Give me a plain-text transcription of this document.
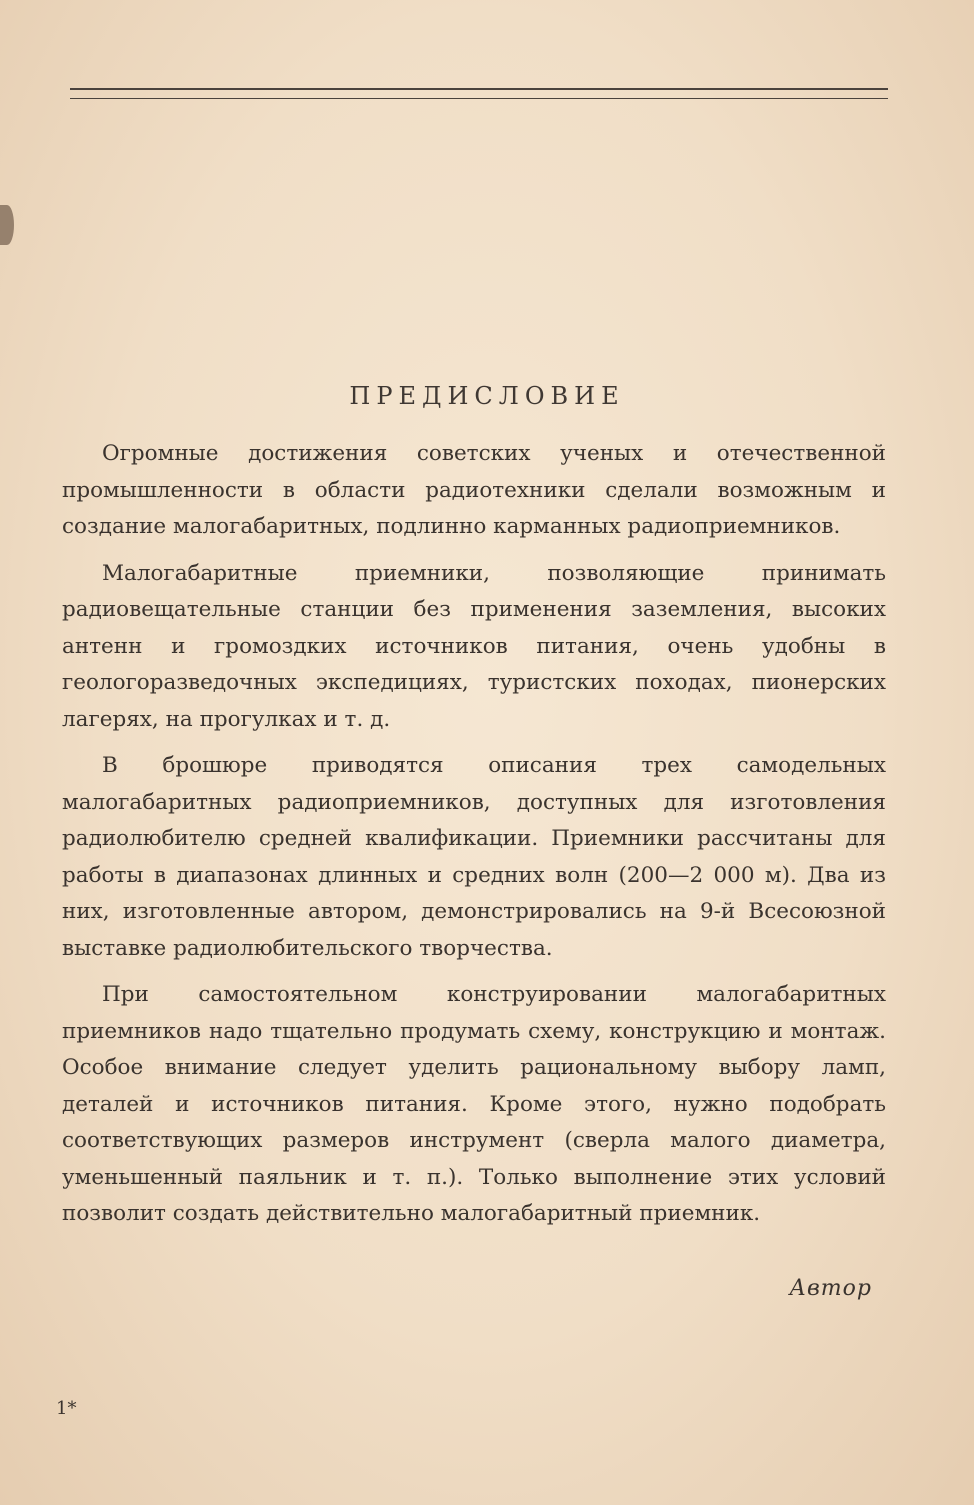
ПРЕДИСЛОВИЕ

Огромные достижения советских ученых и отечественной промышленности в области радиотехники сделали возможным и создание малогабаритных, подлинно карманных радиоприемников.

Малогабаритные приемники, позволяющие принимать радиовещательные станции без применения заземления, высоких антенн и громоздких источников питания, очень удобны в геологоразведочных экспедициях, туристских походах, пионерских лагерях, на прогулках и т. д.

В брошюре приводятся описания трех самодельных малогабаритных радиоприемников, доступных для изготовления радиолюбителю средней квалификации. Приемники рассчитаны для работы в диапазонах длинных и средних волн (200—2 000 м). Два из них, изготовленные автором, демонстрировались на 9-й Всесоюзной выставке радиолюбительского творчества.

При самостоятельном конструировании малогабаритных приемников надо тщательно продумать схему, конструкцию и монтаж. Особое внимание следует уделить рациональному выбору ламп, деталей и источников питания. Кроме этого, нужно подобрать соответствующих размеров инструмент (сверла малого диаметра, уменьшенный паяльник и т. п.). Только выполнение этих условий позволит создать действительно малогабаритный приемник.

Автор
1*
